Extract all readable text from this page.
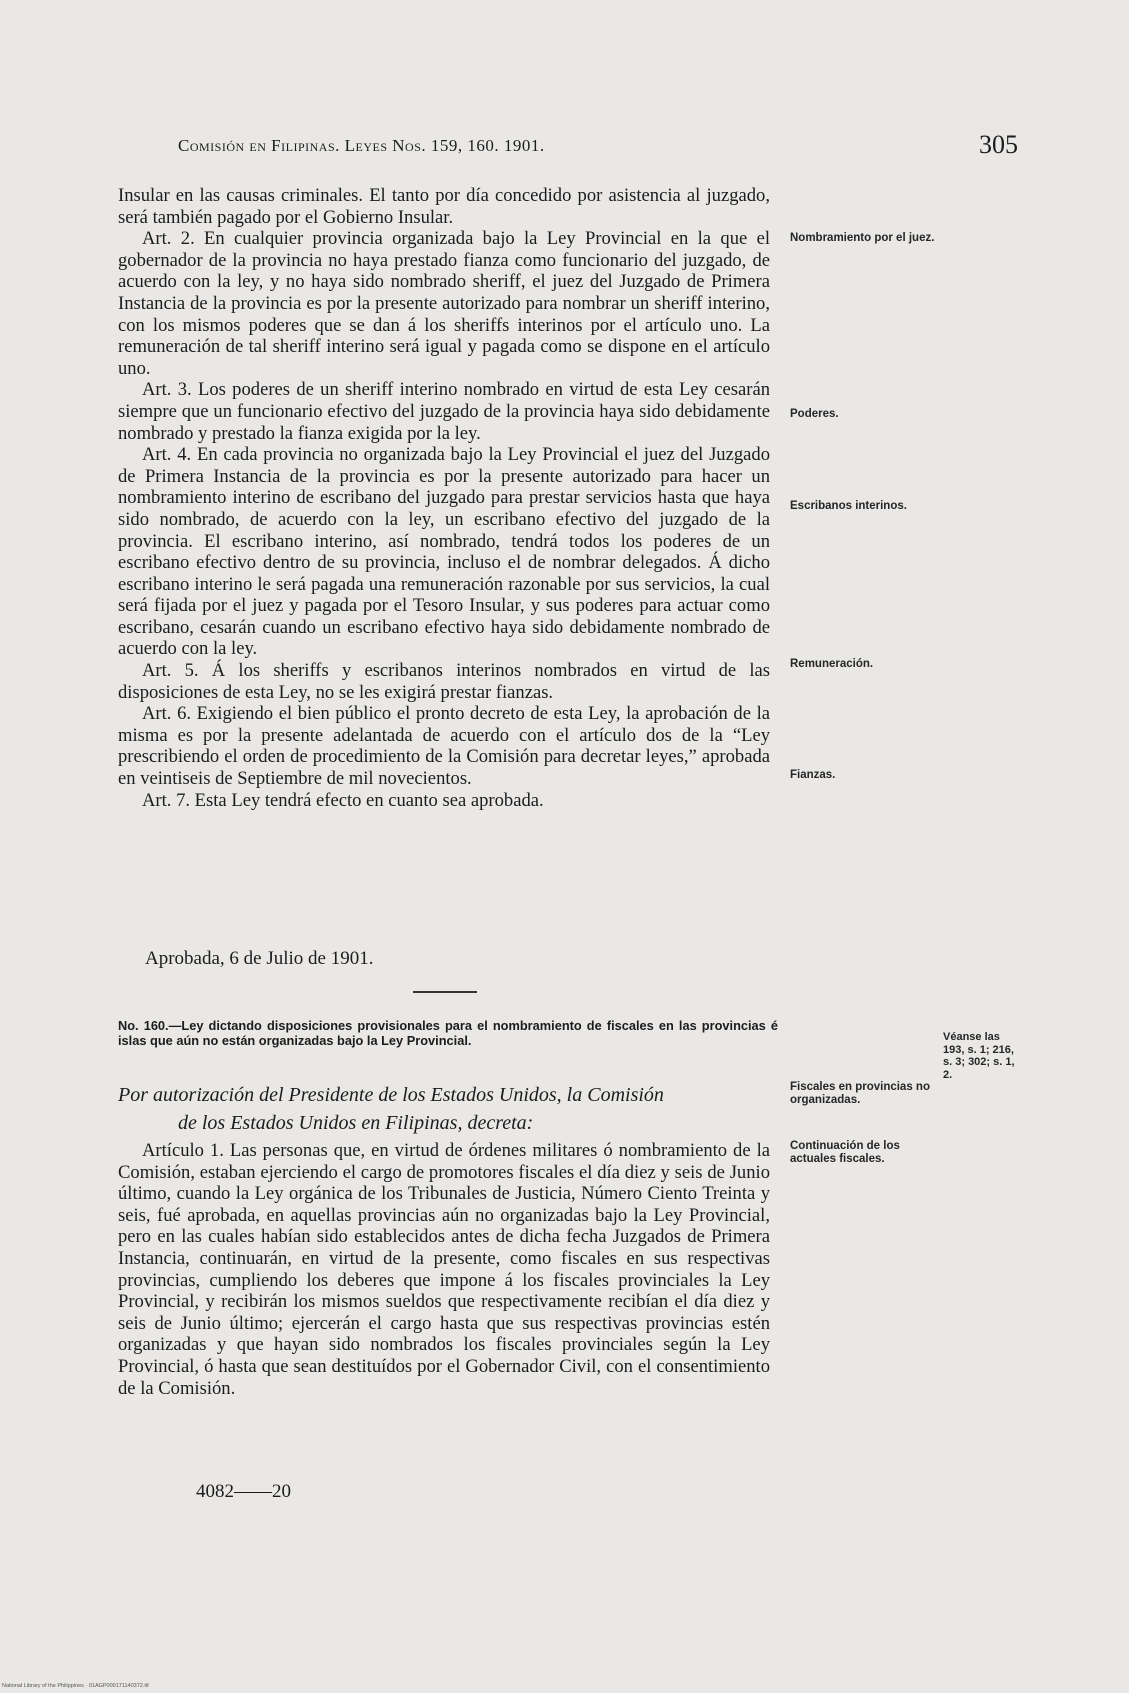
Comisión en Filipinas. Leyes Nos. 159, 160. 1901.	305

Insular en las causas criminales. El tanto por día concedido por asistencia al juzgado, será también pagado por el Gobierno Insular.

Art. 2. En cualquier provincia organizada bajo la Ley Provincial en la que el gobernador de la provincia no haya prestado fianza como funcionario del juzgado, de acuerdo con la ley, y no haya sido nombrado sheriff, el juez del Juzgado de Primera Instancia de la provincia es por la presente autorizado para nombrar un sheriff interino, con los mismos poderes que se dan á los sheriffs interinos por el artículo uno. La remuneración de tal sheriff interino será igual y pagada como se dispone en el artículo uno.

Art. 3. Los poderes de un sheriff interino nombrado en virtud de esta Ley cesarán siempre que un funcionario efectivo del juzgado de la provincia haya sido debidamente nombrado y prestado la fianza exigida por la ley.

Art. 4. En cada provincia no organizada bajo la Ley Provincial el juez del Juzgado de Primera Instancia de la provincia es por la presente autorizado para hacer un nombramiento interino de escribano del juzgado para prestar servicios hasta que haya sido nombrado, de acuerdo con la ley, un escribano efectivo del juzgado de la provincia. El escribano interino, así nombrado, tendrá todos los poderes de un escribano efectivo dentro de su provincia, incluso el de nombrar delegados. Á dicho escribano interino le será pagada una remuneración razonable por sus servicios, la cual será fijada por el juez y pagada por el Tesoro Insular, y sus poderes para actuar como escribano, cesarán cuando un escribano efectivo haya sido debidamente nombrado de acuerdo con la ley.

Art. 5. Á los sheriffs y escribanos interinos nombrados en virtud de las disposiciones de esta Ley, no se les exigirá prestar fianzas.

Art. 6. Exigiendo el bien público el pronto decreto de esta Ley, la aprobación de la misma es por la presente adelantada de acuerdo con el artículo dos de la “Ley prescribiendo el orden de procedimiento de la Comisión para decretar leyes,” aprobada en veintiseis de Septiembre de mil novecientos.

Art. 7. Esta Ley tendrá efecto en cuanto sea aprobada.

Aprobada, 6 de Julio de 1901.
No. 160.—Ley dictando disposiciones provisionales para el nombramiento de fiscales en las provincias é islas que aún no están organizadas bajo la Ley Provincial.
Por autorización del Presidente de los Estados Unidos, la Comisión
de los Estados Unidos en Filipinas, decreta:

Artículo 1. Las personas que, en virtud de órdenes militares ó nombramiento de la Comisión, estaban ejerciendo el cargo de promotores fiscales el día diez y seis de Junio último, cuando la Ley orgánica de los Tribunales de Justicia, Número Ciento Treinta y seis, fué aprobada, en aquellas provincias aún no organizadas bajo la Ley Provincial, pero en las cuales habían sido establecidos antes de dicha fecha Juzgados de Primera Instancia, continuarán, en virtud de la presente, como fiscales en sus respectivas provincias, cumpliendo los deberes que impone á los fiscales provinciales la Ley Provincial, y recibirán los mismos sueldos que respectivamente recibían el día diez y seis de Junio último; ejercerán el cargo hasta que sus respectivas provincias estén organizadas y que hayan sido nombrados los fiscales provinciales según la Ley Provincial, ó hasta que sean destituídos por el Gobernador Civil, con el consentimiento de la Comisión.

4082——20
Nombramiento por el juez.
Poderes.
Escribanos interinos.
Remuneración.
Fianzas.
Fiscales en provincias no organizadas.
Continuación de los actuales fiscales.
Véanse las 193, s. 1; 216, s. 3; 302; s. 1, 2.
National Library of the Philippines · 01AGP000171140372.tif
